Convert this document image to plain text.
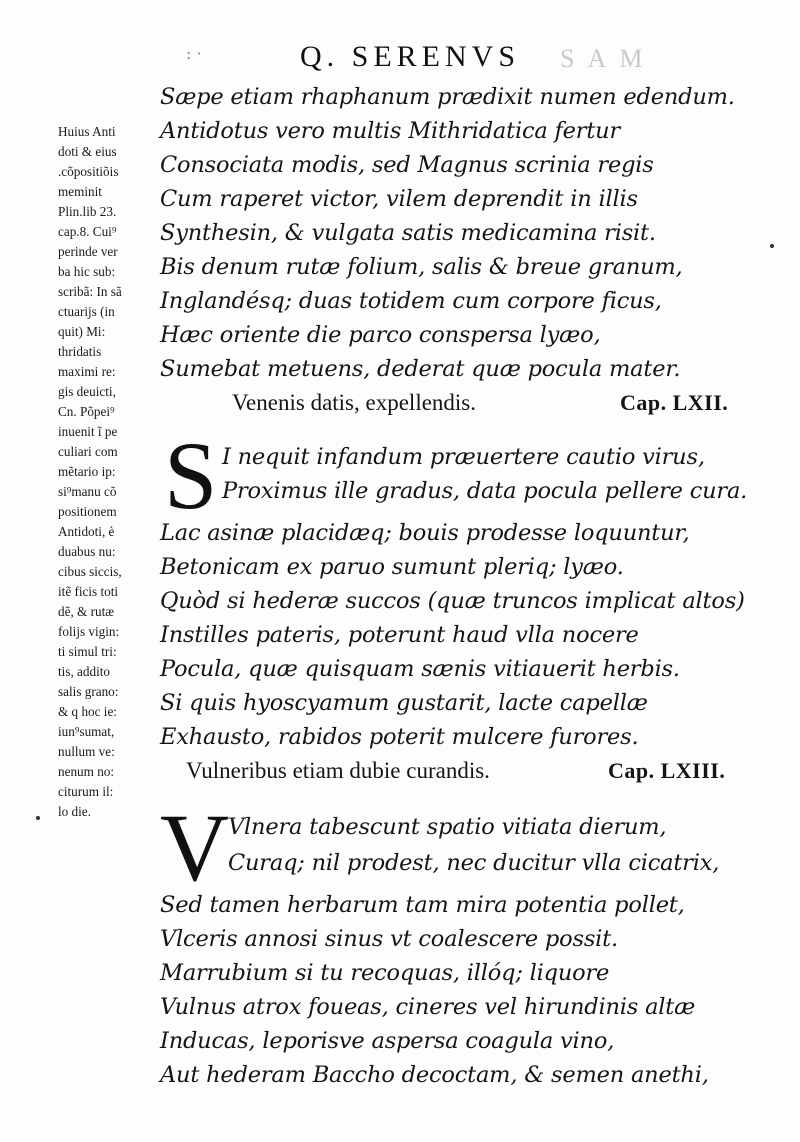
: ·	Q. SERENVS S A M
Huius Anti
doti & eius
.cõpositiõis
meminit
Plin.lib 23.
cap.8. Cui⁹
perinde ver
ba hic sub:
scribã: In sã
ctuarijs (in
quit) Mi:
thridatis
maximi re:
gis deuicti,
Cn. Põpei⁹
inuenit ĩ pe
culiari com
mẽtario ip:
si⁹manu cõ
positionem
Antidoti, è
duabus nu:
cibus siccis,
itẽ ficis toti
dẽ, & rutæ
folijs vigin:
ti simul tri:
tis, addito
salis grano:
& q hoc ie:
iun⁹sumat,
nullum ve:
nenum no:
citurum il:
lo die.
Sæpe etiam rhaphanum prædixit numen edendum.
Antidotus vero multis Mithridatica fertur
Consociata modis, sed Magnus scrinia regis
Cum raperet victor, vilem deprendit in illis
Synthesin, & vulgata satis medicamina risit.
Bis denum rutæ folium, salis & breue granum,
Inglandésq; duas totidem cum corpore ficus,
Hæc oriente die parco conspersa lyæo,
Sumebat metuens, dederat quæ pocula mater.
Venenis datis, expellendis.	Cap. LXII.
S I nequit infandum præuertere cautio virus,
Proximus ille gradus, data pocula pellere cura.
Lac asinæ placidæq; bouis prodesse loquuntur,
Betonicam ex paruo sumunt pleriq; lyæo.
Quòd si hederæ succos (quæ truncos implicat altos)
Instilles pateris, poterunt haud vlla nocere
Pocula, quæ quisquam sænis vitiauerit herbis.
Si quis hyoscyamum gustarit, lacte capellæ
Exhausto, rabidos poterit mulcere furores.
Vulneribus etiam dubie curandis.	Cap. LXIII.
V
Vlnera tabescunt spatio vitiata dierum,
Curaq; nil prodest, nec ducitur vlla cicatrix,
Sed tamen herbarum tam mira potentia pollet,
Vlceris annosi sinus vt coalescere possit.
Marrubium si tu recoquas, illóq; liquore
Vulnus atrox foueas, cineres vel hirundinis altæ
Inducas, leporisve aspersa coagula vino,
Aut hederam Baccho decoctam, & semen anethi,
